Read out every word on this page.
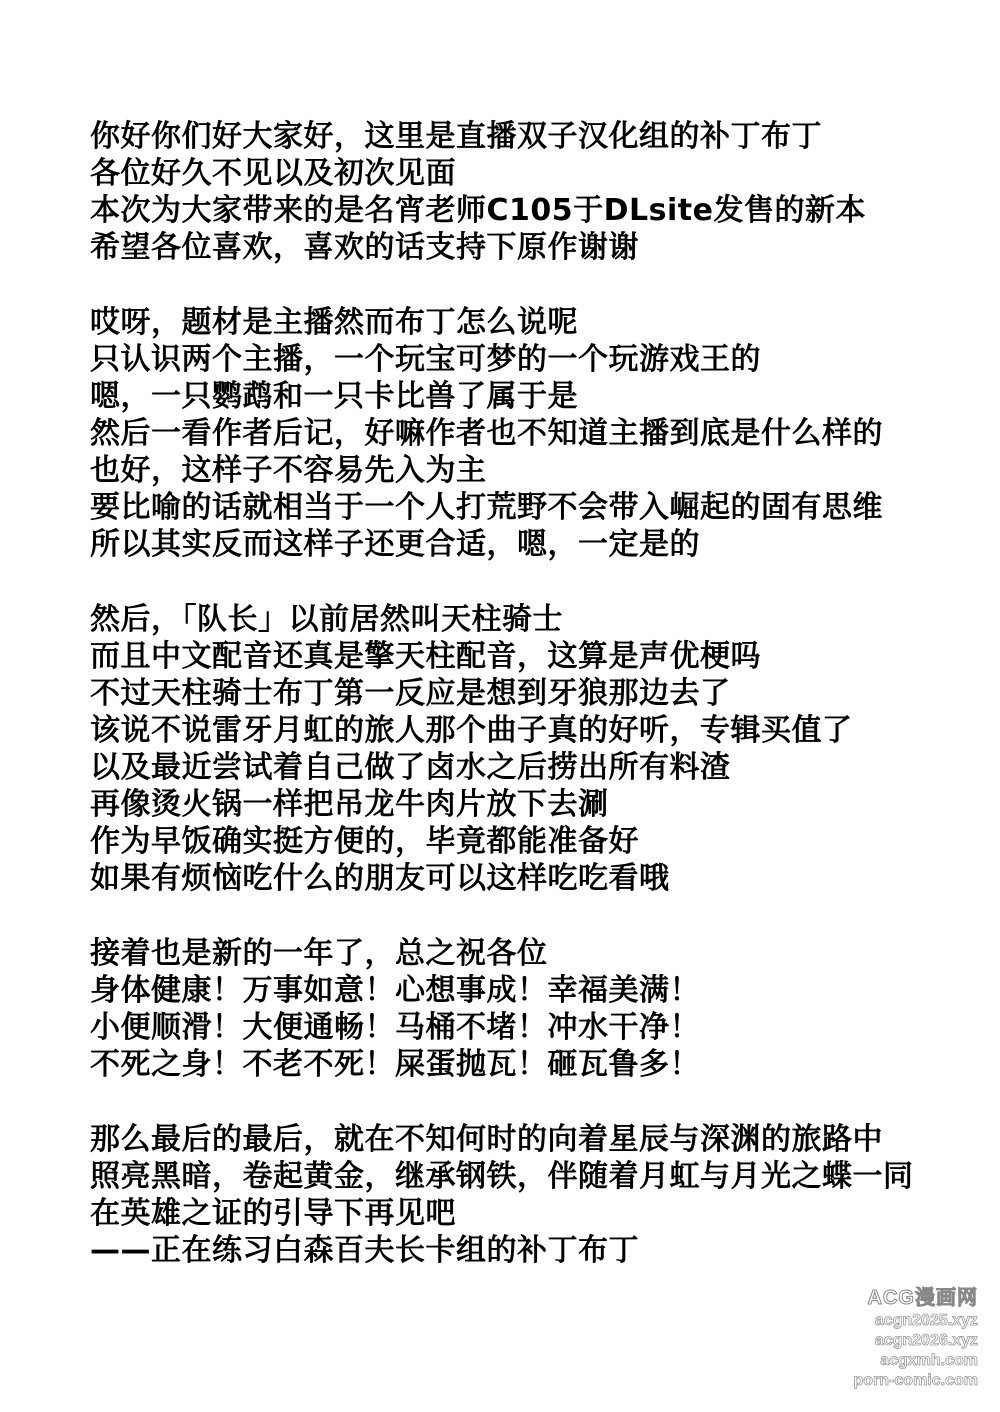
你好你们好大家好，这里是直播双子汉化组的补丁布丁
各位好久不见以及初次见面
本次为大家带来的是名宵老师C105于DLsite发售的新本
希望各位喜欢，喜欢的话支持下原作谢谢
哎呀，题材是主播然而布丁怎么说呢
只认识两个主播，一个玩宝可梦的一个玩游戏王的
嗯，一只鹦鹉和一只卡比兽了属于是
然后一看作者后记，好嘛作者也不知道主播到底是什么样的
也好，这样子不容易先入为主
要比喻的话就相当于一个人打荒野不会带入崛起的固有思维
所以其实反而这样子还更合适，嗯，一定是的
然后，「队长」以前居然叫天柱骑士
而且中文配音还真是擎天柱配音，这算是声优梗吗
不过天柱骑士布丁第一反应是想到牙狼那边去了
该说不说雷牙月虹的旅人那个曲子真的好听，专辑买值了
以及最近尝试着自己做了卤水之后捞出所有料渣
再像烫火锅一样把吊龙牛肉片放下去涮
作为早饭确实挺方便的，毕竟都能准备好
如果有烦恼吃什么的朋友可以这样吃吃看哦
接着也是新的一年了，总之祝各位
身体健康！万事如意！心想事成！幸福美满！
小便顺滑！大便通畅！马桶不堵！冲水干净！
不死之身！不老不死！屎蛋抛瓦！砸瓦鲁多！
那么最后的最后，就在不知何时的向着星辰与深渊的旅路中
照亮黑暗，卷起黄金，继承钢铁，伴随着月虹与月光之蝶一同
在英雄之证的引导下再见吧
——正在练习白森百夫长卡组的补丁布丁
ACG漫画网
acgn2025.xyz
acgn2026.xyz
acgxmh.com
porn-comic.com
